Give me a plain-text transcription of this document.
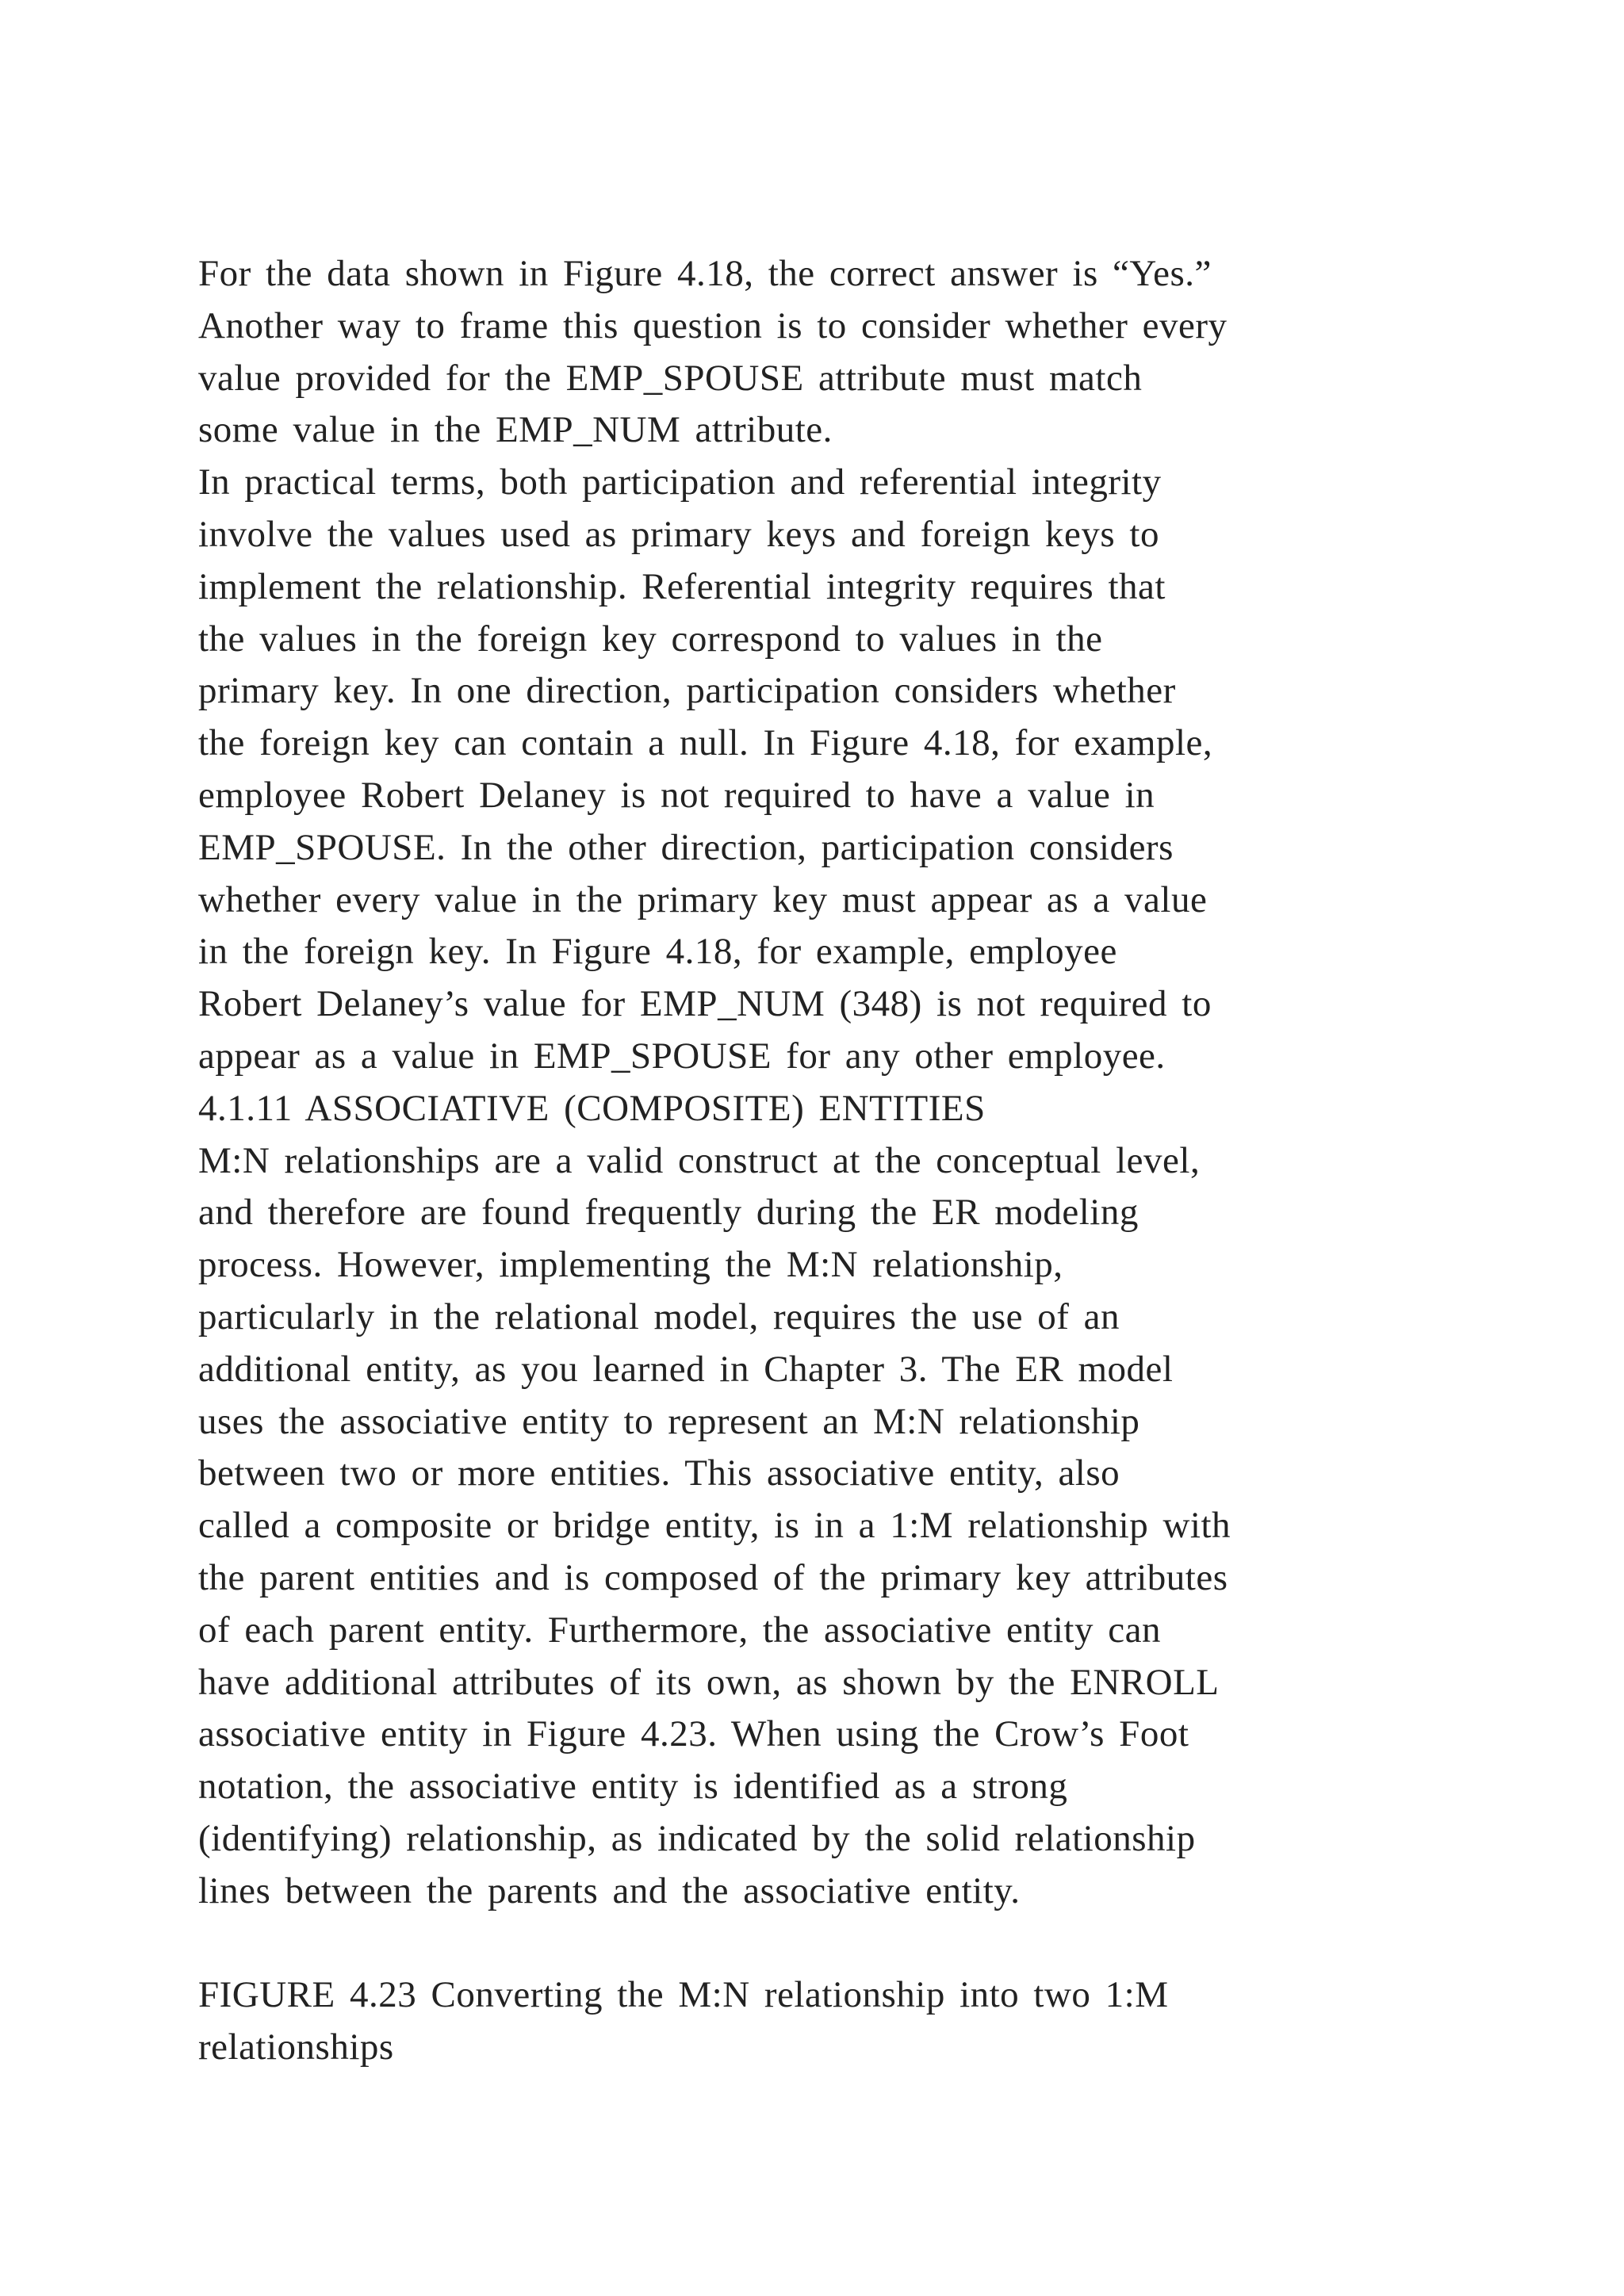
For the data shown in Figure 4.18, the correct answer is “Yes.”
Another way to frame this question is to consider whether every
value provided for the EMP_SPOUSE attribute must match
some value in the EMP_NUM attribute.
In practical terms, both participation and referential integrity
involve the values used as primary keys and foreign keys to
implement the relationship. Referential integrity requires that
the values in the foreign key correspond to values in the
primary key. In one direction, participation considers whether
the foreign key can contain a null. In Figure 4.18, for example,
employee Robert Delaney is not required to have a value in
EMP_SPOUSE. In the other direction, participation considers
whether every value in the primary key must appear as a value
in the foreign key. In Figure 4.18, for example, employee
Robert Delaney’s value for EMP_NUM (348) is not required to
appear as a value in EMP_SPOUSE for any other employee.
4.1.11 ASSOCIATIVE (COMPOSITE) ENTITIES
M:N relationships are a valid construct at the conceptual level,
and therefore are found frequently during the ER modeling
process. However, implementing the M:N relationship,
particularly in the relational model, requires the use of an
additional entity, as you learned in Chapter 3. The ER model
uses the associative entity to represent an M:N relationship
between two or more entities. This associative entity, also
called a composite or bridge entity, is in a 1:M relationship with
the parent entities and is composed of the primary key attributes
of each parent entity. Furthermore, the associative entity can
have additional attributes of its own, as shown by the ENROLL
associative entity in Figure 4.23. When using the Crow’s Foot
notation, the associative entity is identified as a strong
(identifying) relationship, as indicated by the solid relationship
lines between the parents and the associative entity.
FIGURE 4.23 Converting the M:N relationship into two 1:M
relationships
